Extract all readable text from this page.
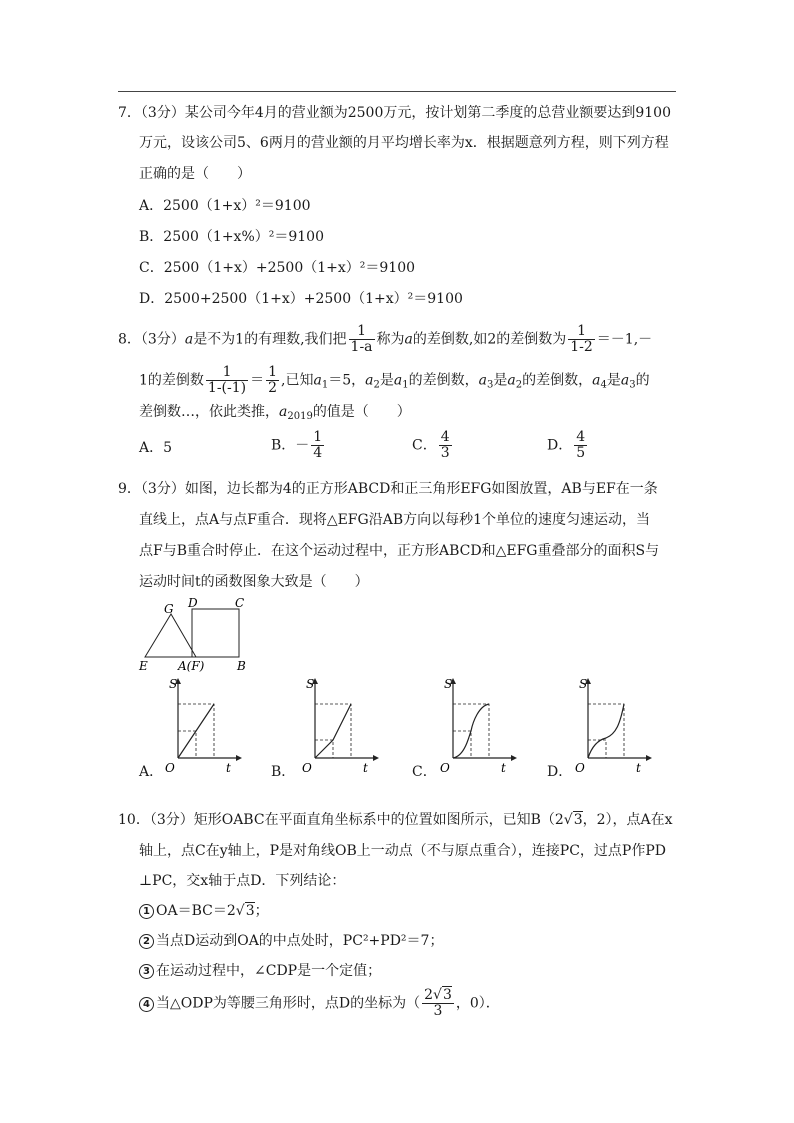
7．（3分）某公司今年4月的营业额为2500万元，按计划第二季度的总营业额要达到9100
万元，设该公司5、6两月的营业额的月平均增长率为x．根据题意列方程，则下列方程
正确的是（　　）
A．2500（1+x）²＝9100
B．2500（1+x%）²＝9100
C．2500（1+x）+2500（1+x）²＝9100
D．2500+2500（1+x）+2500（1+x）²＝9100
8．（3分）a是不为1的有理数,我们把 $\frac{1}{1-a}$ 称为a的差倒数,如2的差倒数为 $\frac{1}{1-2} =-1,-$
1的差倒数 $\frac{1}{1-(-1)} = \frac{1}{2}$ ,已知$a_1=5$，$a_2$是$a_1$的差倒数，$a_3$是$a_2$的差倒数，$a_4$是$a_3$的
差倒数…，依此类推，$a_{2019}$的值是（　　）
A．5	B．－ $\frac{1}{4}$	C． $\frac{4}{3}$	D． $\frac{4}{5}$
9．（3分）如图，边长都为4的正方形ABCD和正三角形EFG如图放置，AB与EF在一条
直线上，点A与点F重合．现将△EFG沿AB方向以每秒1个单位的速度匀速运动，当
点F与B重合时停止．在这个运动过程中，正方形ABCD和△EFG重叠部分的面积S与
运动时间t的函数图象大致是（　　）
G D	C
E	A(F)	B
A．	B．	C．	D．
S
O	t
S
O	t
S
O	t
S
O	t
10．（3分）矩形OABC在平面直角坐标系中的位置如图所示，已知B（2√3，2），点A在x
轴上，点C在y轴上，P是对角线OB上一动点（不与原点重合），连接PC，过点P作PD
⊥PC，交x轴于点D．下列结论：
1 OA＝BC＝2√3；
2 当点D运动到OA的中点处时，PC²+PD²＝7；
3 在运动过程中，∠CDP是一个定值；
4 当△ODP为等腰三角形时，点D的坐标为（ $\frac{2√3}{3}$ ，0）．
